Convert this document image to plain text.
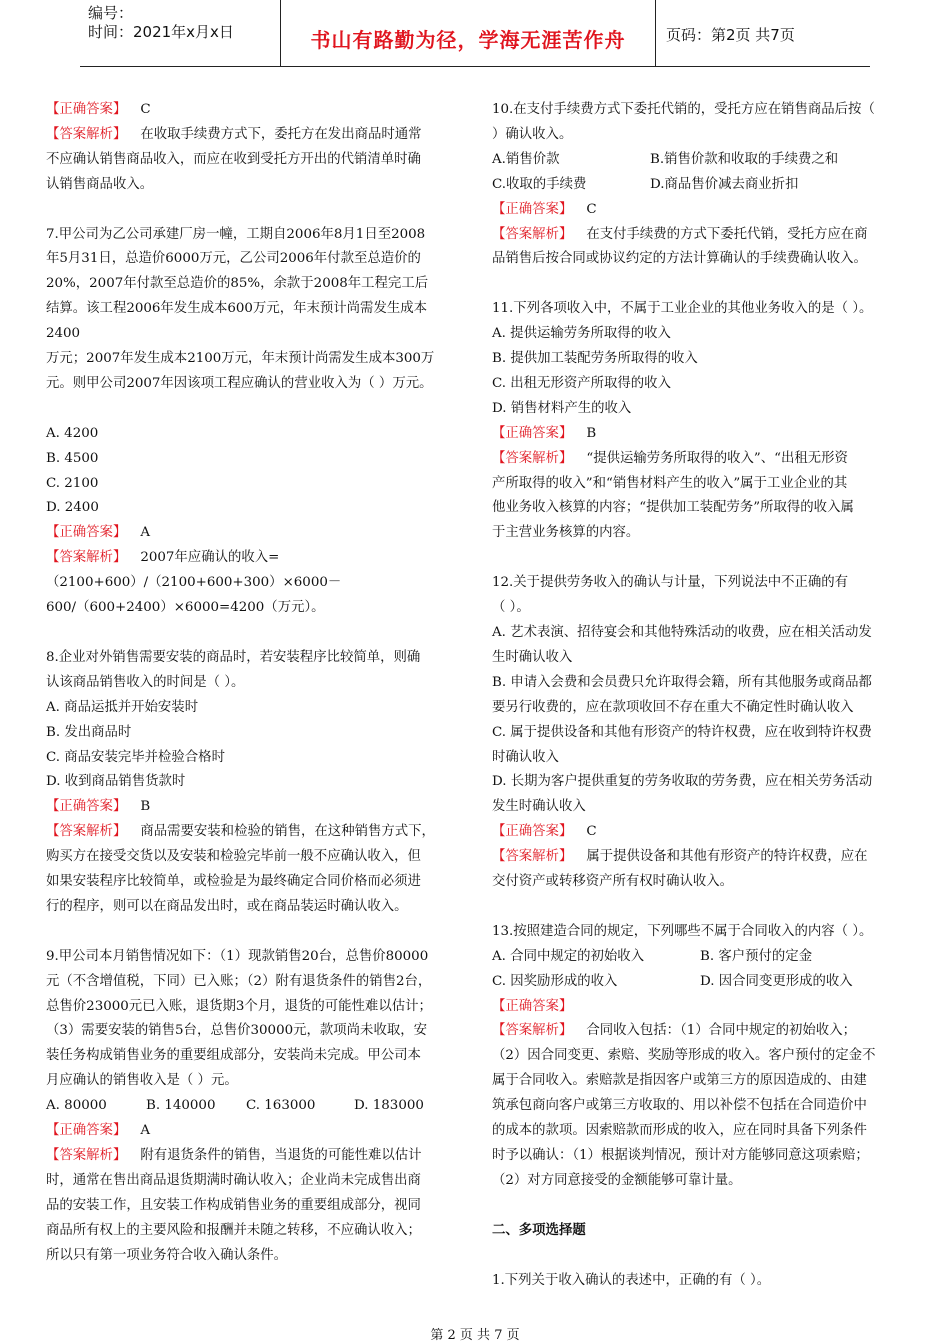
编号：
时间：2021年x月x日	书山有路勤为径，学海无涯苦作舟	页码：第2页 共7页
【正确答案】 C
【答案解析】 在收取手续费方式下，委托方在发出商品时通常
不应确认销售商品收入，而应在收到受托方开出的代销清单时确
认销售商品收入。
7.甲公司为乙公司承建厂房一幢，工期自2006年8月1日至2008
年5月31日，总造价6000万元，乙公司2006年付款至总造价的
20%，2007年付款至总造价的85%，余款于2008年工程完工后
结算。该工程2006年发生成本600万元，年末预计尚需发生成本
2400
万元；2007年发生成本2100万元，年末预计尚需发生成本300万
元。则甲公司2007年因该项工程应确认的营业收入为（ ）万元。
A. 4200
B. 4500
C. 2100
D. 2400
【正确答案】 A
【答案解析】 2007年应确认的收入=
（2100+600）/（2100+600+300）×6000－
600/（600+2400）×6000=4200（万元）。
8.企业对外销售需要安装的商品时，若安装程序比较简单，则确
认该商品销售收入的时间是（ ）。
A. 商品运抵并开始安装时
B. 发出商品时
C. 商品安装完毕并检验合格时
D. 收到商品销售货款时
【正确答案】 B
【答案解析】 商品需要安装和检验的销售，在这种销售方式下，
购买方在接受交货以及安装和检验完毕前一般不应确认收入，但
如果安装程序比较简单，或检验是为最终确定合同价格而必须进
行的程序，则可以在商品发出时，或在商品装运时确认收入。
9.甲公司本月销售情况如下：（1）现款销售20台，总售价80000
元（不含增值税，下同）已入账；（2）附有退货条件的销售2台，
总售价23000元已入账，退货期3个月，退货的可能性难以估计；
（3）需要安装的销售5台，总售价30000元，款项尚未收取，安
装任务构成销售业务的重要组成部分，安装尚未完成。甲公司本
月应确认的销售收入是（ ）元。
A. 80000	B. 140000 C. 163000	D. 183000
【正确答案】 A
【答案解析】 附有退货条件的销售，当退货的可能性难以估计
时，通常在售出商品退货期满时确认收入；企业尚未完成售出商
品的安装工作，且安装工作构成销售业务的重要组成部分，视同
商品所有权上的主要风险和报酬并未随之转移，不应确认收入；
所以只有第一项业务符合收入确认条件。
10.在支付手续费方式下委托代销的，受托方应在销售商品后按（
）确认收入。
A.销售价款	B.销售价款和收取的手续费之和
C.收取的手续费	D.商品售价减去商业折扣
【正确答案】 C
【答案解析】 在支付手续费的方式下委托代销，受托方应在商
品销售后按合同或协议约定的方法计算确认的手续费确认收入。
11.下列各项收入中，不属于工业企业的其他业务收入的是（ ）。
A. 提供运输劳务所取得的收入
B. 提供加工装配劳务所取得的收入
C. 出租无形资产所取得的收入
D. 销售材料产生的收入
【正确答案】 B
【答案解析】 “提供运输劳务所取得的收入”、“出租无形资
产所取得的收入”和“销售材料产生的收入”属于工业企业的其
他业务收入核算的内容；“提供加工装配劳务”所取得的收入属
于主营业务核算的内容。
12.关于提供劳务收入的确认与计量，下列说法中不正确的有
（ ）。
A. 艺术表演、招待宴会和其他特殊活动的收费，应在相关活动发
生时确认收入
B. 申请入会费和会员费只允许取得会籍，所有其他服务或商品都
要另行收费的，应在款项收回不存在重大不确定性时确认收入
C. 属于提供设备和其他有形资产的特许权费，应在收到特许权费
时确认收入
D. 长期为客户提供重复的劳务收取的劳务费，应在相关劳务活动
发生时确认收入
【正确答案】 C
【答案解析】 属于提供设备和其他有形资产的特许权费，应在
交付资产或转移资产所有权时确认收入。
13.按照建造合同的规定，下列哪些不属于合同收入的内容（ ）。
A. 合同中规定的初始收入	B. 客户预付的定金
C. 因奖励形成的收入	D. 因合同变更形成的收入
【正确答案】
【答案解析】 合同收入包括：（1）合同中规定的初始收入；
（2）因合同变更、索赔、奖励等形成的收入。客户预付的定金不
属于合同收入。索赔款是指因客户或第三方的原因造成的、由建
筑承包商向客户或第三方收取的、用以补偿不包括在合同造价中
的成本的款项。因索赔款而形成的收入，应在同时具备下列条件
时予以确认：（1）根据谈判情况，预计对方能够同意这项索赔；
（2）对方同意接受的金额能够可靠计量。
二、多项选择题
1.下列关于收入确认的表述中，正确的有（ ）。
第 2 页 共 7 页
